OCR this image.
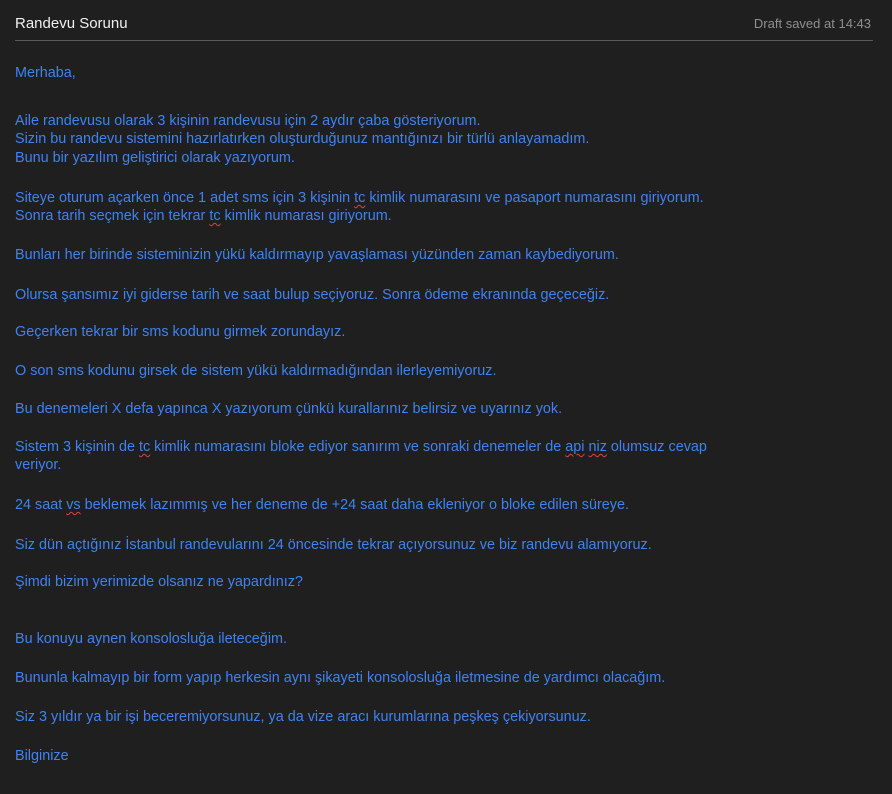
Randevu Sorunu	Draft saved at 14:43
Merhaba,
Aile randevusu olarak 3 kişinin randevusu için 2 aydır çaba gösteriyorum.
Sizin bu randevu sistemini hazırlatırken oluşturduğunuz mantığınızı bir türlü anlayamadım.
Bunu bir yazılım geliştirici olarak yazıyorum.
Siteye oturum açarken önce 1 adet sms için 3 kişinin tc kimlik numarasını ve pasaport numarasını giriyorum.
Sonra tarih seçmek için tekrar tc kimlik numarası giriyorum.
Bunları her birinde sisteminizin yükü kaldırmayıp yavaşlaması yüzünden zaman kaybediyorum.
Olursa şansımız iyi giderse tarih ve saat bulup seçiyoruz. Sonra ödeme ekranında geçeceğiz.
Geçerken tekrar bir sms kodunu girmek zorundayız.
O son sms kodunu girsek de sistem yükü kaldırmadığından ilerleyemiyoruz.
Bu denemeleri X defa yapınca X yazıyorum çünkü kurallarınız belirsiz ve uyarınız yok.
Sistem 3 kişinin de tc kimlik numarasını bloke ediyor sanırım ve sonraki denemeler de api niz olumsuz cevap
veriyor.
24 saat vs beklemek lazımmış ve her deneme de +24 saat daha ekleniyor o bloke edilen süreye.
Siz dün açtığınız İstanbul randevularını 24 öncesinde tekrar açıyorsunuz ve biz randevu alamıyoruz.
Şimdi bizim yerimizde olsanız ne yapardınız?
Bu konuyu aynen konsolosluğa ileteceğim.
Bununla kalmayıp bir form yapıp herkesin aynı şikayeti konsolosluğa iletmesine de yardımcı olacağım.
Siz 3 yıldır ya bir işi beceremiyorsunuz, ya da vize aracı kurumlarına peşkeş çekiyorsunuz.
Bilginize
